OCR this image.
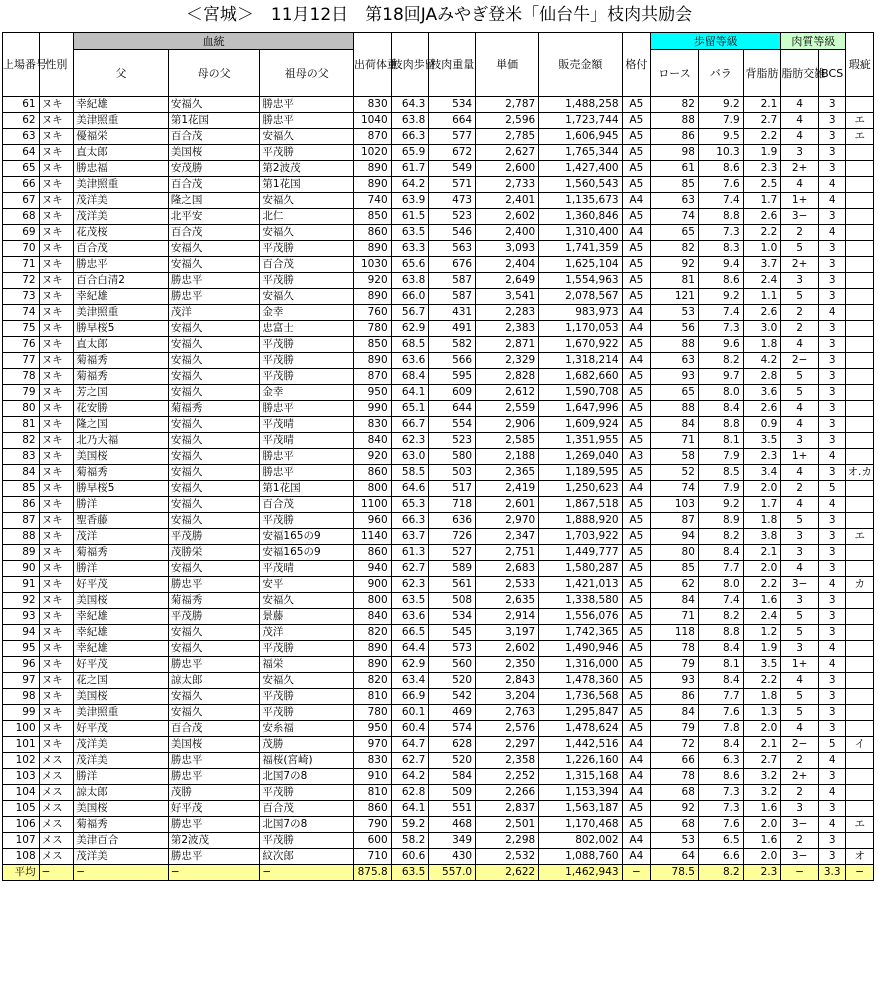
＜宮城＞　11月12日　第18回JAみやぎ登米「仙台牛」枝肉共励会
上場番号	性別	血統			出荷体重	枝肉歩留	枝肉重量	単価	販売金額	格付	歩留等級			肉質等級		瑕疵
		父	母の父	祖母の父							ロース	バラ	背脂肪	脂肪交雑	BCS	
61	ヌキ	幸紀雄	安福久	勝忠平	830	64.3	534	2,787	1,488,258	A5	82	9.2	2.1	4	3	
62	ヌキ	美津照重	第1花国	勝忠平	1040	63.8	664	2,596	1,723,744	A5	88	7.9	2.7	4	3	エ
63	ヌキ	優福栄	百合茂	安福久	870	66.3	577	2,785	1,606,945	A5	86	9.5	2.2	4	3	エ
64	ヌキ	直太郎	美国桜	平茂勝	1020	65.9	672	2,627	1,765,344	A5	98	10.3	1.9	3	3	
65	ヌキ	勝忠福	安茂勝	第2波茂	890	61.7	549	2,600	1,427,400	A5	61	8.6	2.3	2+	3	
66	ヌキ	美津照重	百合茂	第1花国	890	64.2	571	2,733	1,560,543	A5	85	7.6	2.5	4	4	
67	ヌキ	茂洋美	隆之国	安福久	740	63.9	473	2,401	1,135,673	A4	63	7.4	1.7	1+	4	
68	ヌキ	茂洋美	北平安	北仁	850	61.5	523	2,602	1,360,846	A5	74	8.8	2.6	3−	3	
69	ヌキ	花茂桜	百合茂	安福久	860	63.5	546	2,400	1,310,400	A4	65	7.3	2.2	2	4	
70	ヌキ	百合茂	安福久	平茂勝	890	63.3	563	3,093	1,741,359	A5	82	8.3	1.0	5	3	
71	ヌキ	勝忠平	安福久	百合茂	1030	65.6	676	2,404	1,625,104	A5	92	9.4	3.7	2+	3	
72	ヌキ	百合白清2	勝忠平	平茂勝	920	63.8	587	2,649	1,554,963	A5	81	8.6	2.4	3	3	
73	ヌキ	幸紀雄	勝忠平	安福久	890	66.0	587	3,541	2,078,567	A5	121	9.2	1.1	5	3	
74	ヌキ	美津照重	茂洋	金幸	760	56.7	431	2,283	983,973	A4	53	7.4	2.6	2	4	
75	ヌキ	勝早桜5	安福久	忠富士	780	62.9	491	2,383	1,170,053	A4	56	7.3	3.0	2	3	
76	ヌキ	直太郎	安福久	平茂勝	850	68.5	582	2,871	1,670,922	A5	88	9.6	1.8	4	3	
77	ヌキ	菊福秀	安福久	平茂勝	890	63.6	566	2,329	1,318,214	A4	63	8.2	4.2	2−	3	
78	ヌキ	菊福秀	安福久	平茂勝	870	68.4	595	2,828	1,682,660	A5	93	9.7	2.8	5	3	
79	ヌキ	芳之国	安福久	金幸	950	64.1	609	2,612	1,590,708	A5	65	8.0	3.6	5	3	
80	ヌキ	花安勝	菊福秀	勝忠平	990	65.1	644	2,559	1,647,996	A5	88	8.4	2.6	4	3	
81	ヌキ	隆之国	安福久	平茂晴	830	66.7	554	2,906	1,609,924	A5	84	8.8	0.9	4	3	
82	ヌキ	北乃大福	安福久	平茂晴	840	62.3	523	2,585	1,351,955	A5	71	8.1	3.5	3	3	
83	ヌキ	美国桜	安福久	勝忠平	920	63.0	580	2,188	1,269,040	A3	58	7.9	2.3	1+	4	
84	ヌキ	菊福秀	安福久	勝忠平	860	58.5	503	2,365	1,189,595	A5	52	8.5	3.4	4	3	オ.カ
85	ヌキ	勝早桜5	安福久	第1花国	800	64.6	517	2,419	1,250,623	A4	74	7.9	2.0	2	5	
86	ヌキ	勝洋	安福久	百合茂	1100	65.3	718	2,601	1,867,518	A5	103	9.2	1.7	4	4	
87	ヌキ	聖香藤	安福久	平茂勝	960	66.3	636	2,970	1,888,920	A5	87	8.9	1.8	5	3	
88	ヌキ	茂洋	平茂勝	安福165の9	1140	63.7	726	2,347	1,703,922	A5	94	8.2	3.8	3	3	エ
89	ヌキ	菊福秀	茂勝栄	安福165の9	860	61.3	527	2,751	1,449,777	A5	80	8.4	2.1	3	3	
90	ヌキ	勝洋	安福久	平茂晴	940	62.7	589	2,683	1,580,287	A5	85	7.7	2.0	4	3	
91	ヌキ	好平茂	勝忠平	安平	900	62.3	561	2,533	1,421,013	A5	62	8.0	2.2	3−	4	カ
92	ヌキ	美国桜	菊福秀	安福久	800	63.5	508	2,635	1,338,580	A5	84	7.4	1.6	3	3	
93	ヌキ	幸紀雄	平茂勝	景藤	840	63.6	534	2,914	1,556,076	A5	71	8.2	2.4	5	3	
94	ヌキ	幸紀雄	安福久	茂洋	820	66.5	545	3,197	1,742,365	A5	118	8.8	1.2	5	3	
95	ヌキ	幸紀雄	安福久	平茂勝	890	64.4	573	2,602	1,490,946	A5	78	8.4	1.9	3	4	
96	ヌキ	好平茂	勝忠平	福栄	890	62.9	560	2,350	1,316,000	A5	79	8.1	3.5	1+	4	
97	ヌキ	花之国	諒太郎	安福久	820	63.4	520	2,843	1,478,360	A5	93	8.4	2.2	4	3	
98	ヌキ	美国桜	安福久	平茂勝	810	66.9	542	3,204	1,736,568	A5	86	7.7	1.8	5	3	
99	ヌキ	美津照重	安福久	平茂勝	780	60.1	469	2,763	1,295,847	A5	84	7.6	1.3	5	3	
100	ヌキ	好平茂	百合茂	安糸福	950	60.4	574	2,576	1,478,624	A5	79	7.8	2.0	4	3	
101	ヌキ	茂洋美	美国桜	茂勝	970	64.7	628	2,297	1,442,516	A4	72	8.4	2.1	2−	5	イ
102	メス	茂洋美	勝忠平	福桜(宮崎)	830	62.7	520	2,358	1,226,160	A4	66	6.3	2.7	2	4	
103	メス	勝洋	勝忠平	北国7の8	910	64.2	584	2,252	1,315,168	A4	78	8.6	3.2	2+	3	
104	メス	諒太郎	茂勝	平茂勝	810	62.8	509	2,266	1,153,394	A4	68	7.3	3.2	2	4	
105	メス	美国桜	好平茂	百合茂	860	64.1	551	2,837	1,563,187	A5	92	7.3	1.6	3	3	
106	メス	菊福秀	勝忠平	北国7の8	790	59.2	468	2,501	1,170,468	A5	68	7.6	2.0	3−	4	エ
107	メス	美津百合	第2波茂	平茂勝	600	58.2	349	2,298	802,002	A4	53	6.5	1.6	2	3	
108	メス	茂洋美	勝忠平	紋次郎	710	60.6	430	2,532	1,088,760	A4	64	6.6	2.0	3−	3	オ
平均	−	−	−	−	875.8	63.5	557.0	2,622	1,462,943	−	78.5	8.2	2.3	−	3.3	−
